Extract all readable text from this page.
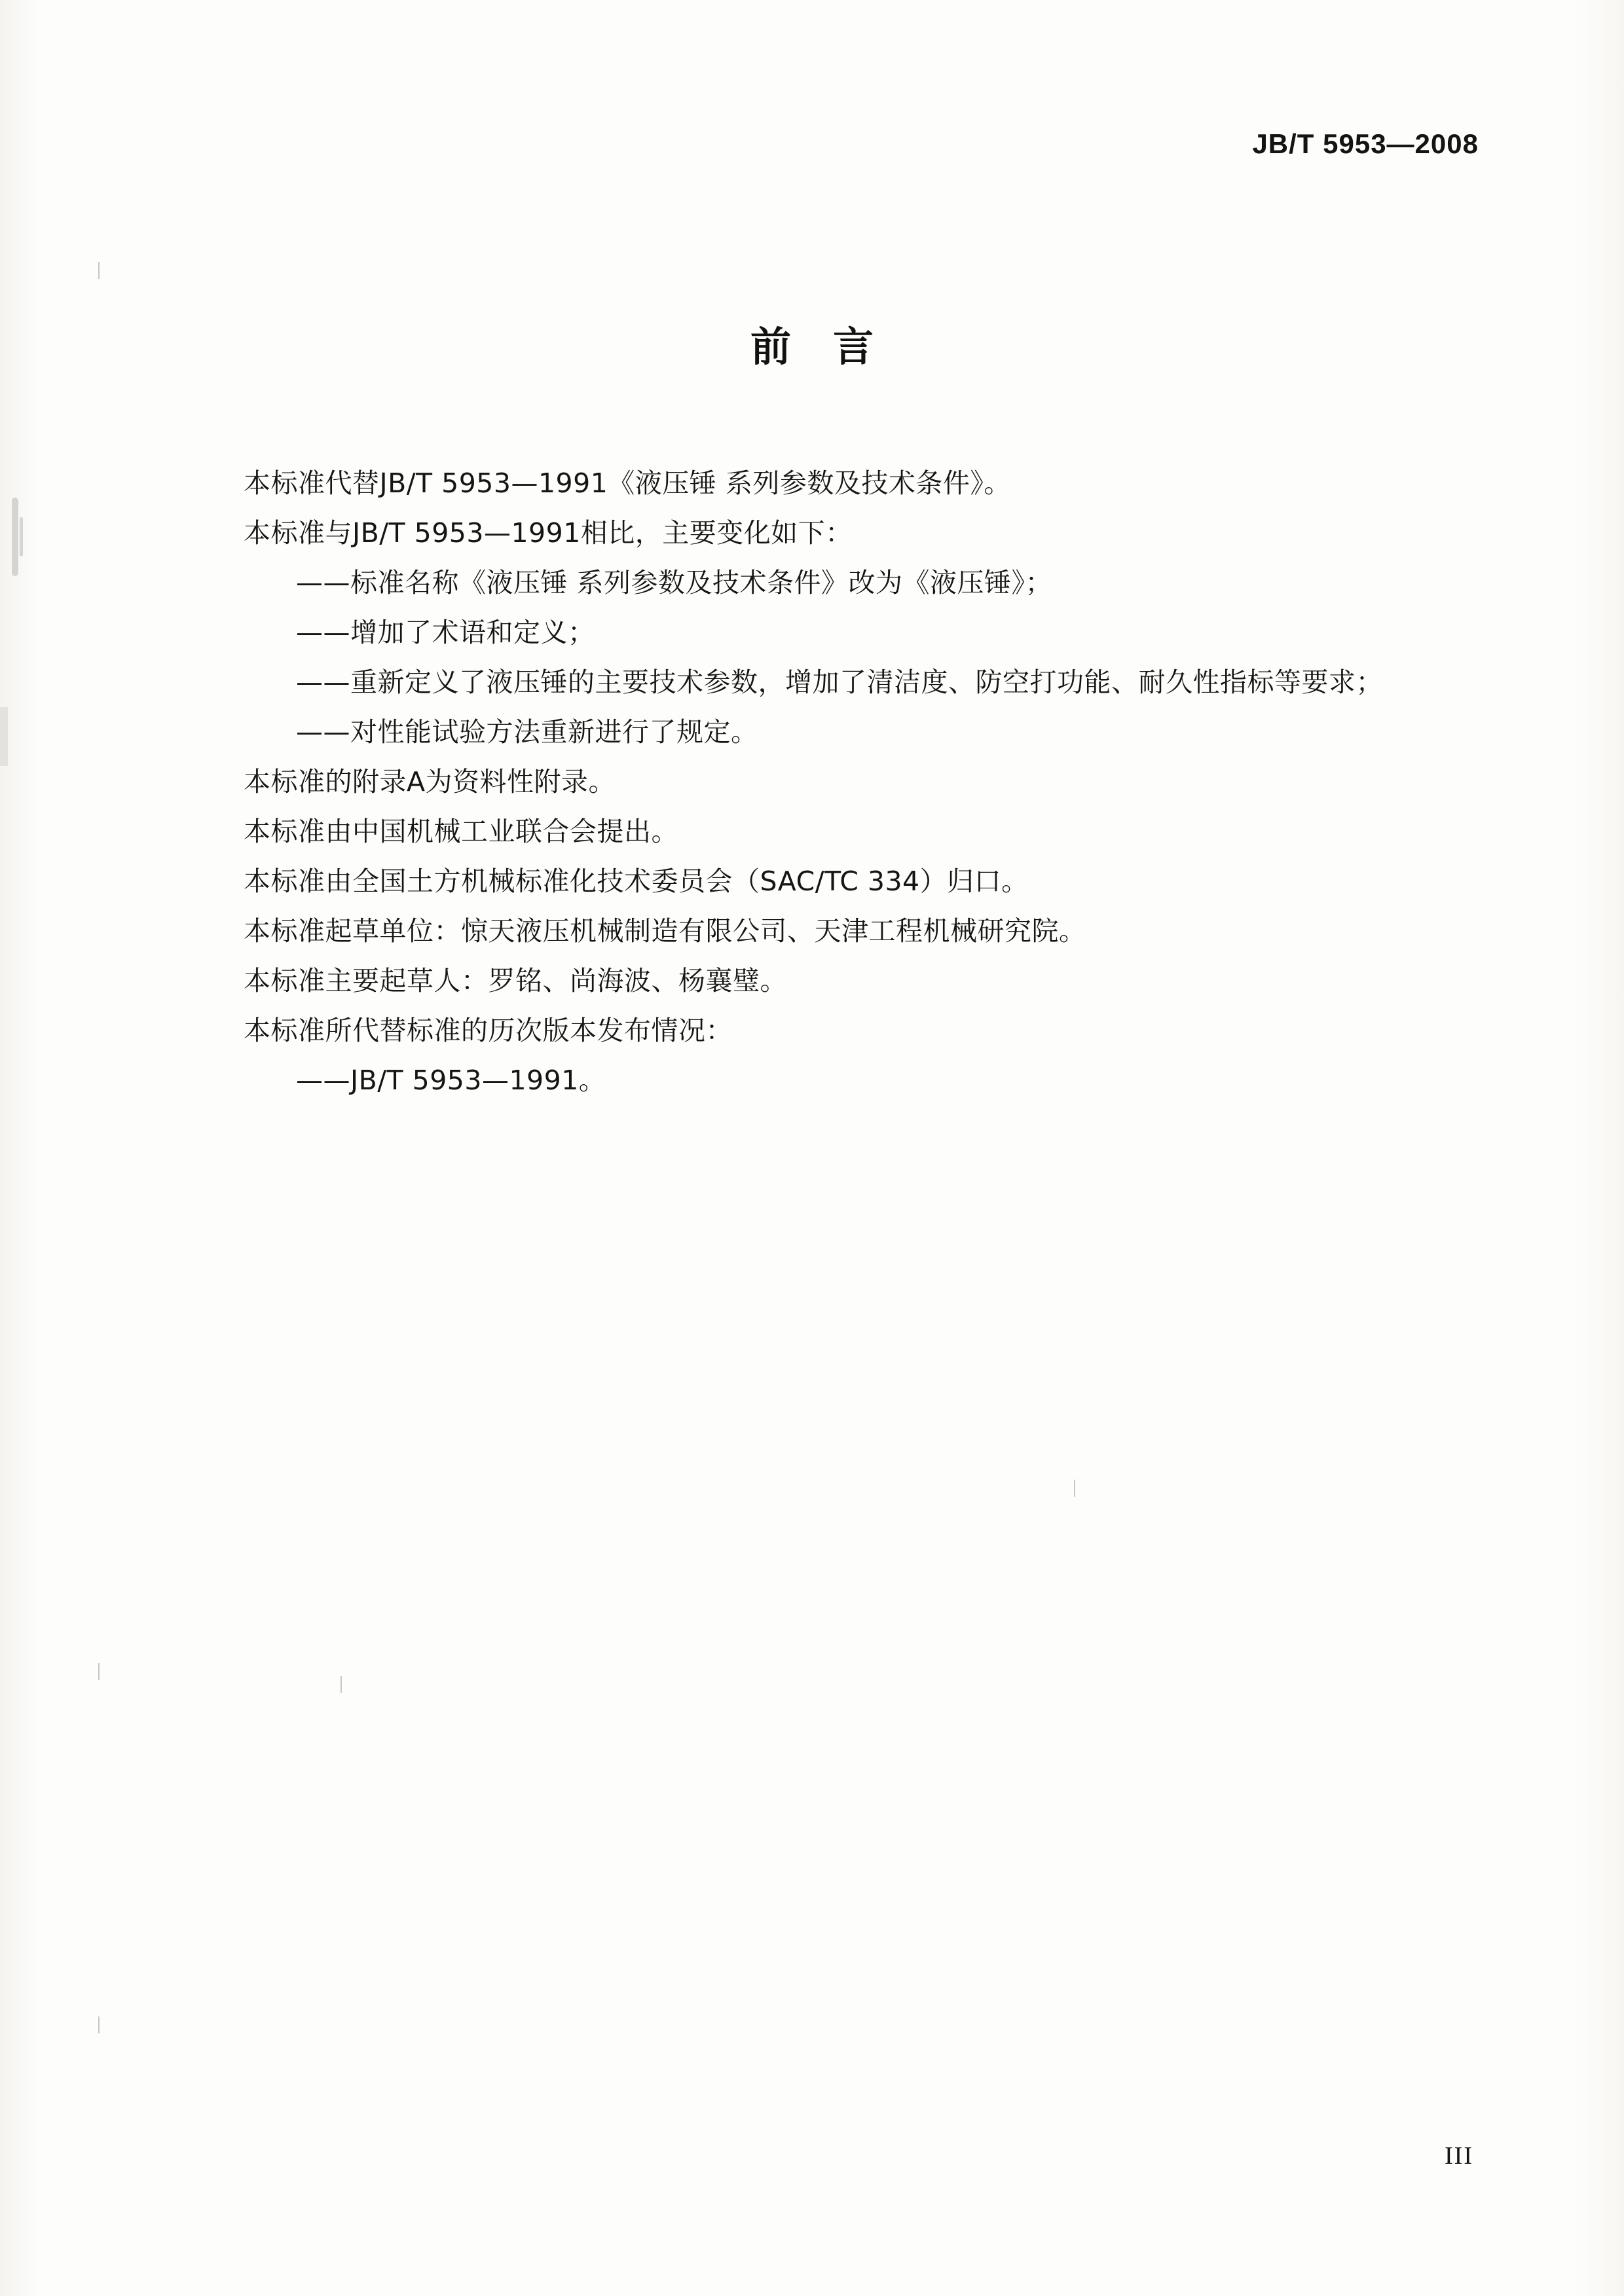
JB/T 5953—2008
前言
本标准代替JB/T 5953—1991《液压锤 系列参数及技术条件》。
本标准与JB/T 5953—1991相比，主要变化如下：
——标准名称《液压锤 系列参数及技术条件》改为《液压锤》；
——增加了术语和定义；
——重新定义了液压锤的主要技术参数，增加了清洁度、防空打功能、耐久性指标等要求；
——对性能试验方法重新进行了规定。
本标准的附录A为资料性附录。
本标准由中国机械工业联合会提出。
本标准由全国土方机械标准化技术委员会（SAC/TC 334）归口。
本标准起草单位：惊天液压机械制造有限公司、天津工程机械研究院。
本标准主要起草人：罗铭、尚海波、杨襄璧。
本标准所代替标准的历次版本发布情况：
——JB/T 5953—1991。
III
